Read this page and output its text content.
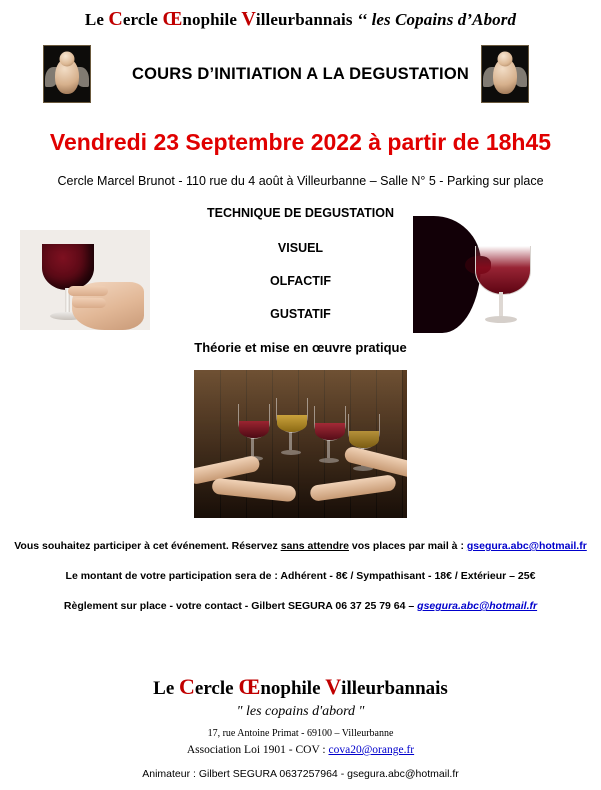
Le Cercle Œnophile Villeurbannais ‘‘ les Copains d’Abord
COURS D’INITIATION A LA DEGUSTATION
Vendredi 23 Septembre 2022 à partir de 18h45
Cercle Marcel Brunot - 110 rue du 4 août à Villeurbanne – Salle N° 5 - Parking sur place
TECHNIQUE DE DEGUSTATION
VISUEL
OLFACTIF
GUSTATIF
Théorie et mise en œuvre pratique

Vous souhaitez participer à cet événement. Réservez sans attendre vos places par mail à : gsegura.abc@hotmail.fr

Le montant de votre participation sera de : Adhérent - 8€ / Sympathisant - 18€ / Extérieur – 25€

Règlement sur place - votre contact - Gilbert SEGURA 06 37 25 79 64 – gsegura.abc@hotmail.fr

Le Cercle Œnophile Villeurbannais
" les copains d'abord "
17, rue Antoine Primat - 69100 – Villeurbanne
Association Loi 1901 - COV : cova20@orange.fr
Animateur : Gilbert SEGURA 0637257964 - gsegura.abc@hotmail.fr
